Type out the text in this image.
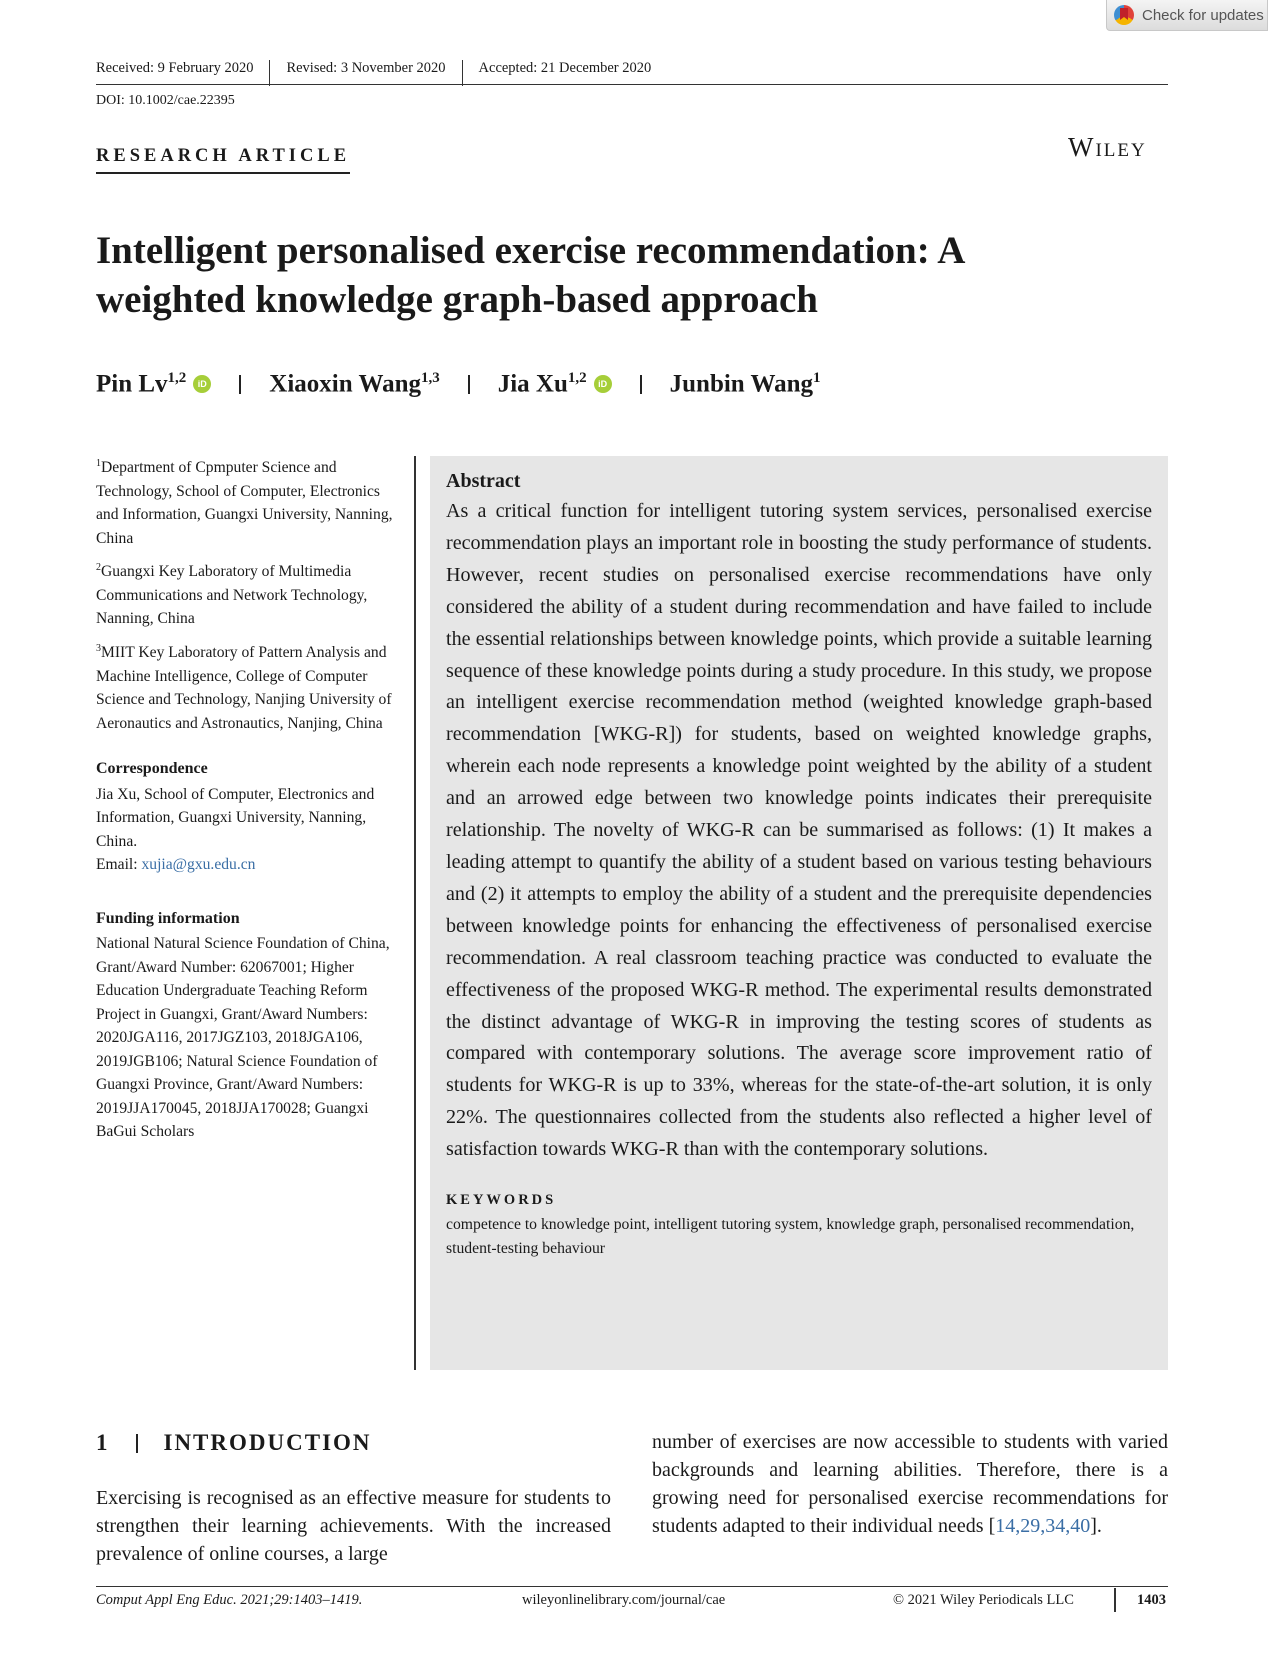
Check for updates
Received: 9 February 2020	Revised: 3 November 2020	Accepted: 21 December 2020
DOI: 10.1002/cae.22395
RESEARCH ARTICLE	Wiley
Intelligent personalised exercise recommendation: A weighted knowledge graph-based approach
Pin Lv$^{1,2}$	iD	Xiaoxin Wang$^{1,3}$ Jia Xu$^{1,2}$	iD	Junbin Wang$^1$

$^1$Department of Cpmputer Science and Technology, School of Computer, Electronics and Information, Guangxi University, Nanning, China

$^2$Guangxi Key Laboratory of Multimedia Communications and Network Technology, Nanning, China

$^3$MIIT Key Laboratory of Pattern Analysis and Machine Intelligence, College of Computer Science and Technology, Nanjing University of Aeronautics and Astronautics, Nanjing, China

Correspondence
Jia Xu, School of Computer, Electronics and Information, Guangxi University, Nanning, China.
Email: xujia@gxu.edu.cn
Funding information
National Natural Science Foundation of China, Grant/Award Number: 62067001; Higher Education Undergraduate Teaching Reform Project in Guangxi, Grant/Award Numbers: 2020JGA116, 2017JGZ103, 2018JGA106, 2019JGB106; Natural Science Foundation of Guangxi Province, Grant/Award Numbers: 2019JJA170045, 2018JJA170028; Guangxi BaGui Scholars
Abstract

As a critical function for intelligent tutoring system services, personalised exercise recommendation plays an important role in boosting the study performance of students. However, recent studies on personalised exercise recommendations have only considered the ability of a student during recommendation and have failed to include the essential relationships between knowledge points, which provide a suitable learning sequence of these knowledge points during a study procedure. In this study, we propose an intelligent exercise recommendation method (weighted knowledge graph-based recommendation [WKG-R]) for students, based on weighted knowledge graphs, wherein each node represents a knowledge point weighted by the ability of a student and an arrowed edge between two knowledge points indicates their prerequisite relationship. The novelty of WKG-R can be summarised as follows: (1) It makes a leading attempt to quantify the ability of a student based on various testing behaviours and (2) it attempts to employ the ability of a student and the prerequisite dependencies between knowledge points for enhancing the effectiveness of personalised exercise recommendation. A real classroom teaching practice was conducted to evaluate the effectiveness of the proposed WKG-R method. The experimental results demonstrated the distinct advantage of WKG-R in improving the testing scores of students as compared with contemporary solutions. The average score improvement ratio of students for WKG-R is up to 33%, whereas for the state-of-the-art solution, it is only 22%. The questionnaires collected from the students also reflected a higher level of satisfaction towards WKG-R than with the contemporary solutions.

KEYWORDS
competence to knowledge point, intelligent tutoring system, knowledge graph, personalised recommendation, student-testing behaviour
1 INTRODUCTION

Exercising is recognised as an effective measure for students to strengthen their learning achievements. With the increased prevalence of online courses, a large

number of exercises are now accessible to students with varied backgrounds and learning abilities. Therefore, there is a growing need for personalised exercise recommendations for students adapted to their individual needs [14,29,34,40].

Comput Appl Eng Educ. 2021;29:1403–1419.	wileyonlinelibrary.com/journal/cae	© 2021 Wiley Periodicals LLC	1403
